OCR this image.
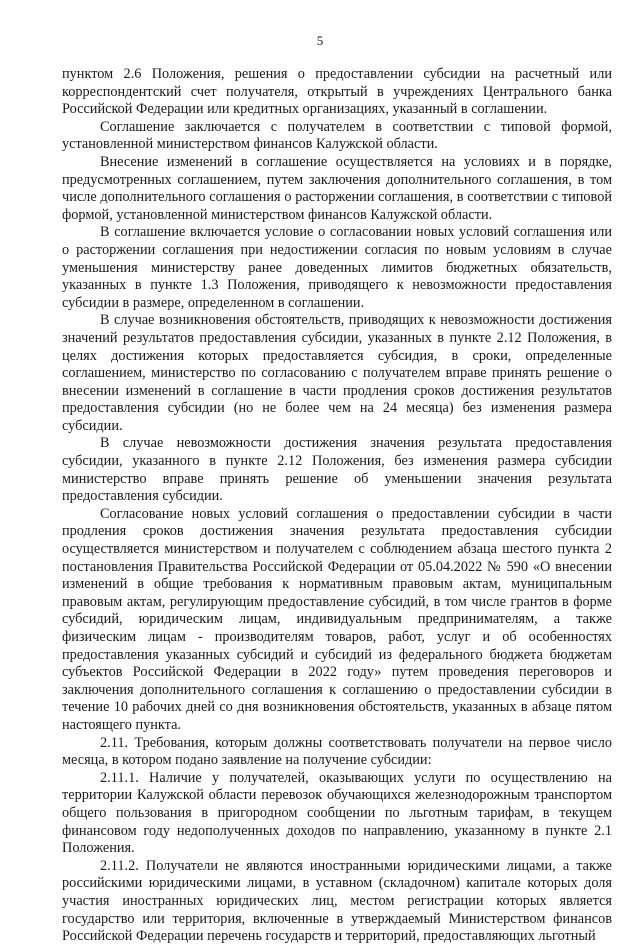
5

пунктом 2.6 Положения, решения о предоставлении субсидии на расчетный или корреспондентский счет получателя, открытый в учреждениях Центрального банка Российской Федерации или кредитных организациях, указанный в соглашении.

Соглашение заключается с получателем в соответствии с типовой формой, установленной министерством финансов Калужской области.

Внесение изменений в соглашение осуществляется на условиях и в порядке, предусмотренных соглашением, путем заключения дополнительного соглашения, в том числе дополнительного соглашения о расторжении соглашения, в соответствии с типовой формой, установленной министерством финансов Калужской области.

В соглашение включается условие о согласовании новых условий соглашения или о расторжении соглашения при недостижении согласия по новым условиям в случае уменьшения министерству ранее доведенных лимитов бюджетных обязательств, указанных в пункте 1.3 Положения, приводящего к невозможности предоставления субсидии в размере, определенном в соглашении.

В случае возникновения обстоятельств, приводящих к невозможности достижения значений результатов предоставления субсидии, указанных в пункте 2.12 Положения, в целях достижения которых предоставляется субсидия, в сроки, определенные соглашением, министерство по согласованию с получателем вправе принять решение о внесении изменений в соглашение в части продления сроков достижения результатов предоставления субсидии (но не более чем на 24 месяца) без изменения размера субсидии.

В случае невозможности достижения значения результата предоставления субсидии, указанного в пункте 2.12 Положения, без изменения размера субсидии министерство вправе принять решение об уменьшении значения результата предоставления субсидии.

Согласование новых условий соглашения о предоставлении субсидии в части продления сроков достижения значения результата предоставления субсидии осуществляется министерством и получателем с соблюдением абзаца шестого пункта 2 постановления Правительства Российской Федерации от 05.04.2022 № 590 «О внесении изменений в общие требования к нормативным правовым актам, муниципальным правовым актам, регулирующим предоставление субсидий, в том числе грантов в форме субсидий, юридическим лицам, индивидуальным предпринимателям, а также физическим лицам - производителям товаров, работ, услуг и об особенностях предоставления указанных субсидий и субсидий из федерального бюджета бюджетам субъектов Российской Федерации в 2022 году» путем проведения переговоров и заключения дополнительного соглашения к соглашению о предоставлении субсидии в течение 10 рабочих дней со дня возникновения обстоятельств, указанных в абзаце пятом настоящего пункта.

2.11. Требования, которым должны соответствовать получатели на первое число месяца, в котором подано заявление на получение субсидии:

2.11.1. Наличие у получателей, оказывающих услуги по осуществлению на территории Калужской области перевозок обучающихся железнодорожным транспортом общего пользования в пригородном сообщении по льготным тарифам, в текущем финансовом году недополученных доходов по направлению, указанному в пункте 2.1 Положения.

2.11.2. Получатели не являются иностранными юридическими лицами, а также российскими юридическими лицами, в уставном (складочном) капитале которых доля участия иностранных юридических лиц, местом регистрации которых является государство или территория, включенные в утверждаемый Министерством финансов Российской Федерации перечень государств и территорий, предоставляющих льготный
